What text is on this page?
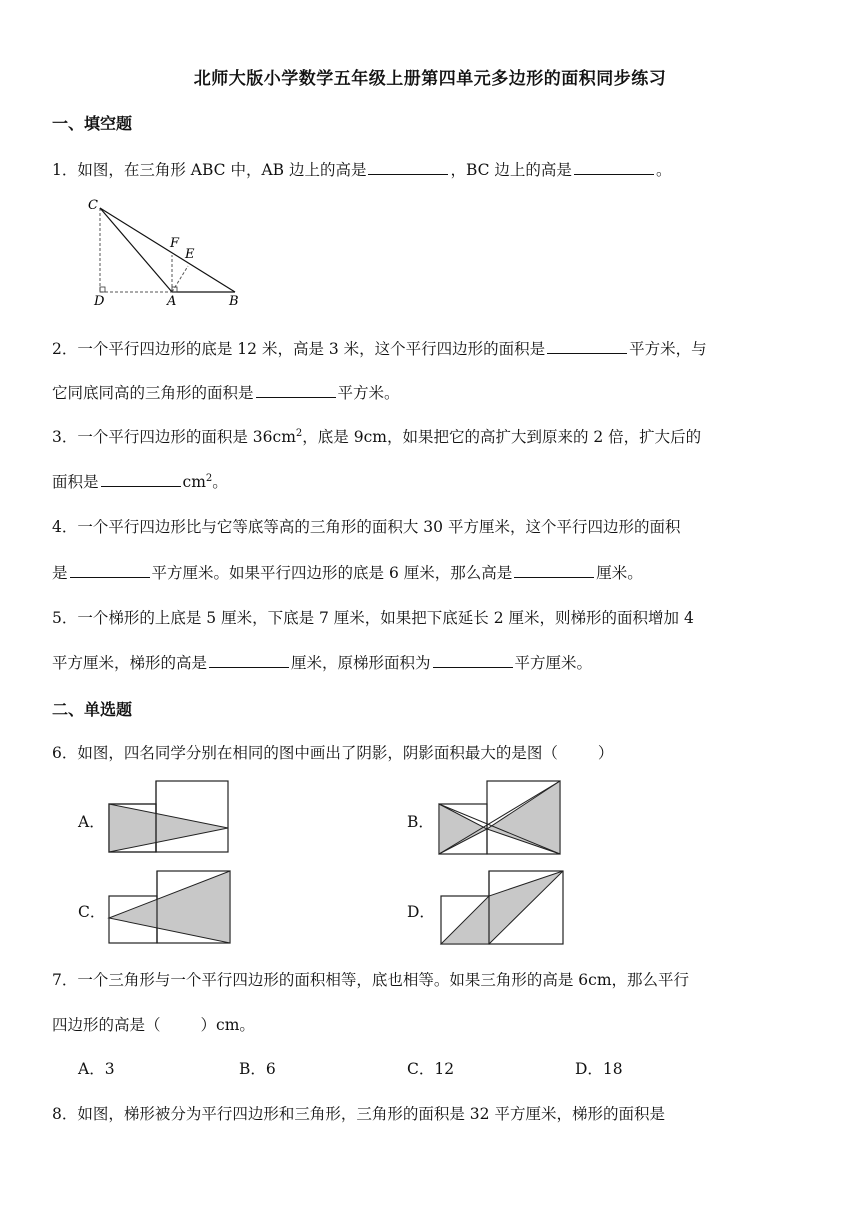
北师大版小学数学五年级上册第四单元多边形的面积同步练习
一、填空题
1．如图，在三角形 ABC 中，AB 边上的高是	，BC 边上的高是	。
C
F
E
D	A	B
2．一个平行四边形的底是 12 米，高是 3 米，这个平行四边形的面积是	平方米，与
它同底同高的三角形的面积是	平方米。
3．一个平行四边形的面积是 $36cm^2$，底是 9cm，如果把它的高扩大到原来的 2 倍，扩大后的
面积是	$cm^2$。
4．一个平行四边形比与它等底等高的三角形的面积大 30 平方厘米，这个平行四边形的面积
是	平方厘米。如果平行四边形的底是 6 厘米，那么高是	厘米。
5．一个梯形的上底是 5 厘米，下底是 7 厘米，如果把下底延长 2 厘米，则梯形的面积增加 4
平方厘米，梯形的高是	厘米，原梯形面积为	平方厘米。
二、单选题
6．如图，四名同学分别在相同的图中画出了阴影，阴影面积最大的是图（	）
A．	B．
C．	D．
7．一个三角形与一个平行四边形的面积相等，底也相等。如果三角形的高是 6cm，那么平行
四边形的高是（	）cm。
A．3	B．6	C．12	D．18
8．如图，梯形被分为平行四边形和三角形，三角形的面积是 32 平方厘米，梯形的面积是
